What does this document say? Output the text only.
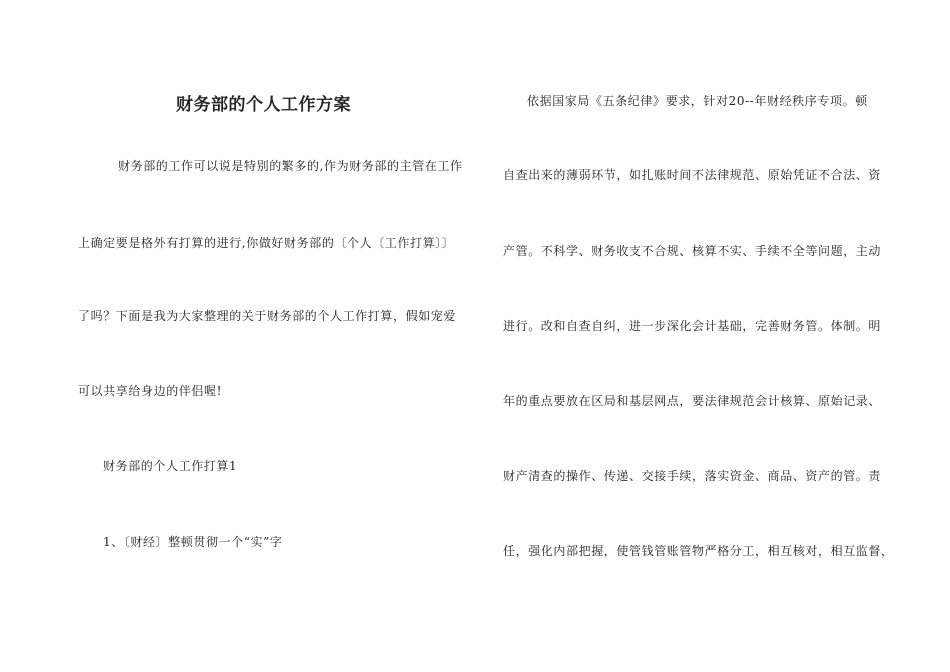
财务部的个人工作方案
财务部的工作可以说是特别的繁多的,作为财务部的主管在工作
上确定要是格外有打算的进行,你做好财务部的〔个人〔工作打算〕〕
了吗？下面是我为大家整理的关于财务部的个人工作打算，假如宠爱
可以共享给身边的伴侣喔!
财务部的个人工作打算1
1、〔财经〕整顿贯彻一个“实”字
依据国家局《五条纪律》要求，针对20--年财经秩序专项。顿
自查出来的薄弱环节，如扎账时间不法律规范、原始凭证不合法、资
产管。不科学、财务收支不合规、核算不实、手续不全等问题，主动
进行。改和自查自纠，进一步深化会计基础，完善财务管。体制。明
年的重点要放在区局和基层网点，要法律规范会计核算、原始记录、
财产清查的操作、传递、交接手续，落实资金、商品、资产的管。责
任，强化内部把握，使管钱管账管物严格分工，相互核对，相互监督，
